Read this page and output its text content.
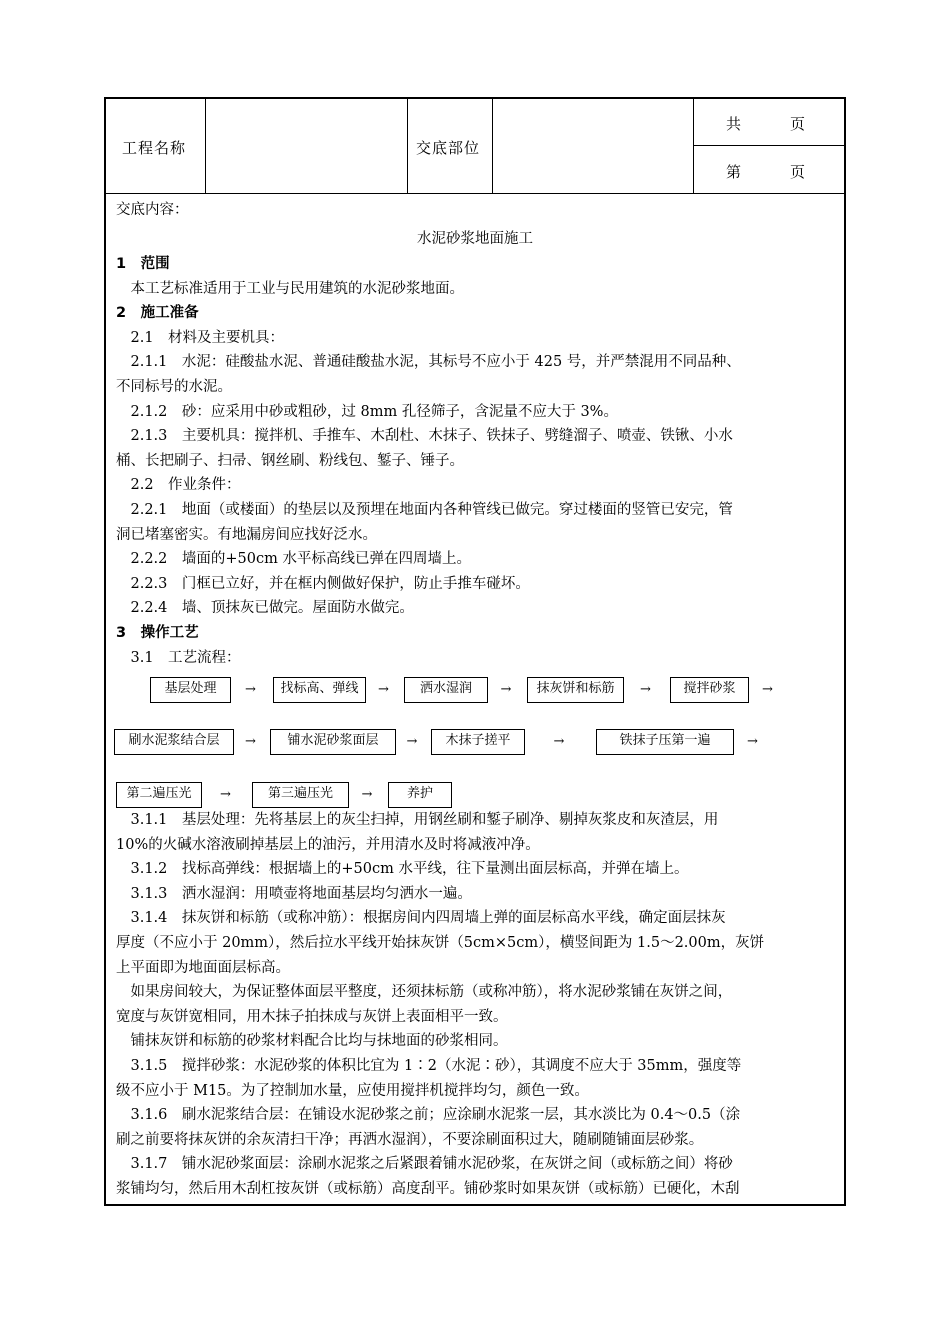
工程名称	交底部位
共　　　页
第　　　页
交底内容：
水泥砂浆地面施工
1　范围
　本工艺标准适用于工业与民用建筑的水泥砂浆地面。
2　施工准备
　2.1　材料及主要机具：
　2.1.1　水泥：硅酸盐水泥、普通硅酸盐水泥，其标号不应小于 425 号，并严禁混用不同品种、
不同标号的水泥。
　2.1.2　砂：应采用中砂或粗砂，过 8mm 孔径筛子，含泥量不应大于 3%。
　2.1.3　主要机具：搅拌机、手推车、木刮杜、木抹子、铁抹子、劈缝溜子、喷壶、铁锹、小水
桶、长把刷子、扫帚、钢丝刷、粉线包、錾子、锤子。
　2.2　作业条件：
　2.2.1　地面（或楼面）的垫层以及预埋在地面内各种管线已做完。穿过楼面的竖管已安完，管
洞已堵塞密实。有地漏房间应找好泛水。
　2.2.2　墙面的+50cm 水平标高线已弹在四周墙上。
　2.2.3　门框已立好，并在框内侧做好保护，防止手推车碰坏。
　2.2.4　墙、顶抹灰已做完。屋面防水做完。
3　操作工艺
　3.1　工艺流程：
基层处理	→	找标高、弹线	→	洒水湿润	→	抹灰饼和标筋	→	搅拌砂浆	→
刷水泥浆结合层	→	铺水泥砂浆面层	→	木抹子搓平	→	铁抹子压第一遍	→
第二遍压光	→	第三遍压光	→	养护
　3.1.1　基层处理：先将基层上的灰尘扫掉，用钢丝刷和錾子刷净、剔掉灰浆皮和灰渣层，用
10%的火碱水溶液刷掉基层上的油污，并用清水及时将减液冲净。
　3.1.2　找标高弹线：根据墙上的+50cm 水平线，往下量测出面层标高，并弹在墙上。
　3.1.3　洒水湿润：用喷壶将地面基层均匀洒水一遍。
　3.1.4　抹灰饼和标筋（或称冲筋）：根据房间内四周墙上弹的面层标高水平线，确定面层抹灰
厚度（不应小于 20mm），然后拉水平线开始抹灰饼（5cm×5cm），横竖间距为 1.5～2.00m，灰饼
上平面即为地面面层标高。
　如果房间较大，为保证整体面层平整度，还须抹标筋（或称冲筋），将水泥砂浆铺在灰饼之间，
宽度与灰饼宽相同，用木抹子拍抹成与灰饼上表面相平一致。
　铺抹灰饼和标筋的砂浆材料配合比均与抹地面的砂浆相同。
　3.1.5　搅拌砂浆：水泥砂浆的体积比宜为 1∶2（水泥∶砂），其调度不应大于 35mm，强度等
级不应小于 M15。为了控制加水量，应使用搅拌机搅拌均匀，颜色一致。
　3.1.6　刷水泥浆结合层：在铺设水泥砂浆之前；应涂刷水泥浆一层，其水淡比为 0.4～0.5（涂
刷之前要将抹灰饼的余灰清扫干净；再洒水湿润），不要涂刷面积过大，随刷随铺面层砂浆。
　3.1.7　铺水泥砂浆面层：涂刷水泥浆之后紧跟着铺水泥砂浆，在灰饼之间（或标筋之间）将砂
浆铺均匀，然后用木刮杠按灰饼（或标筋）高度刮平。铺砂浆时如果灰饼（或标筋）已硬化，木刮
